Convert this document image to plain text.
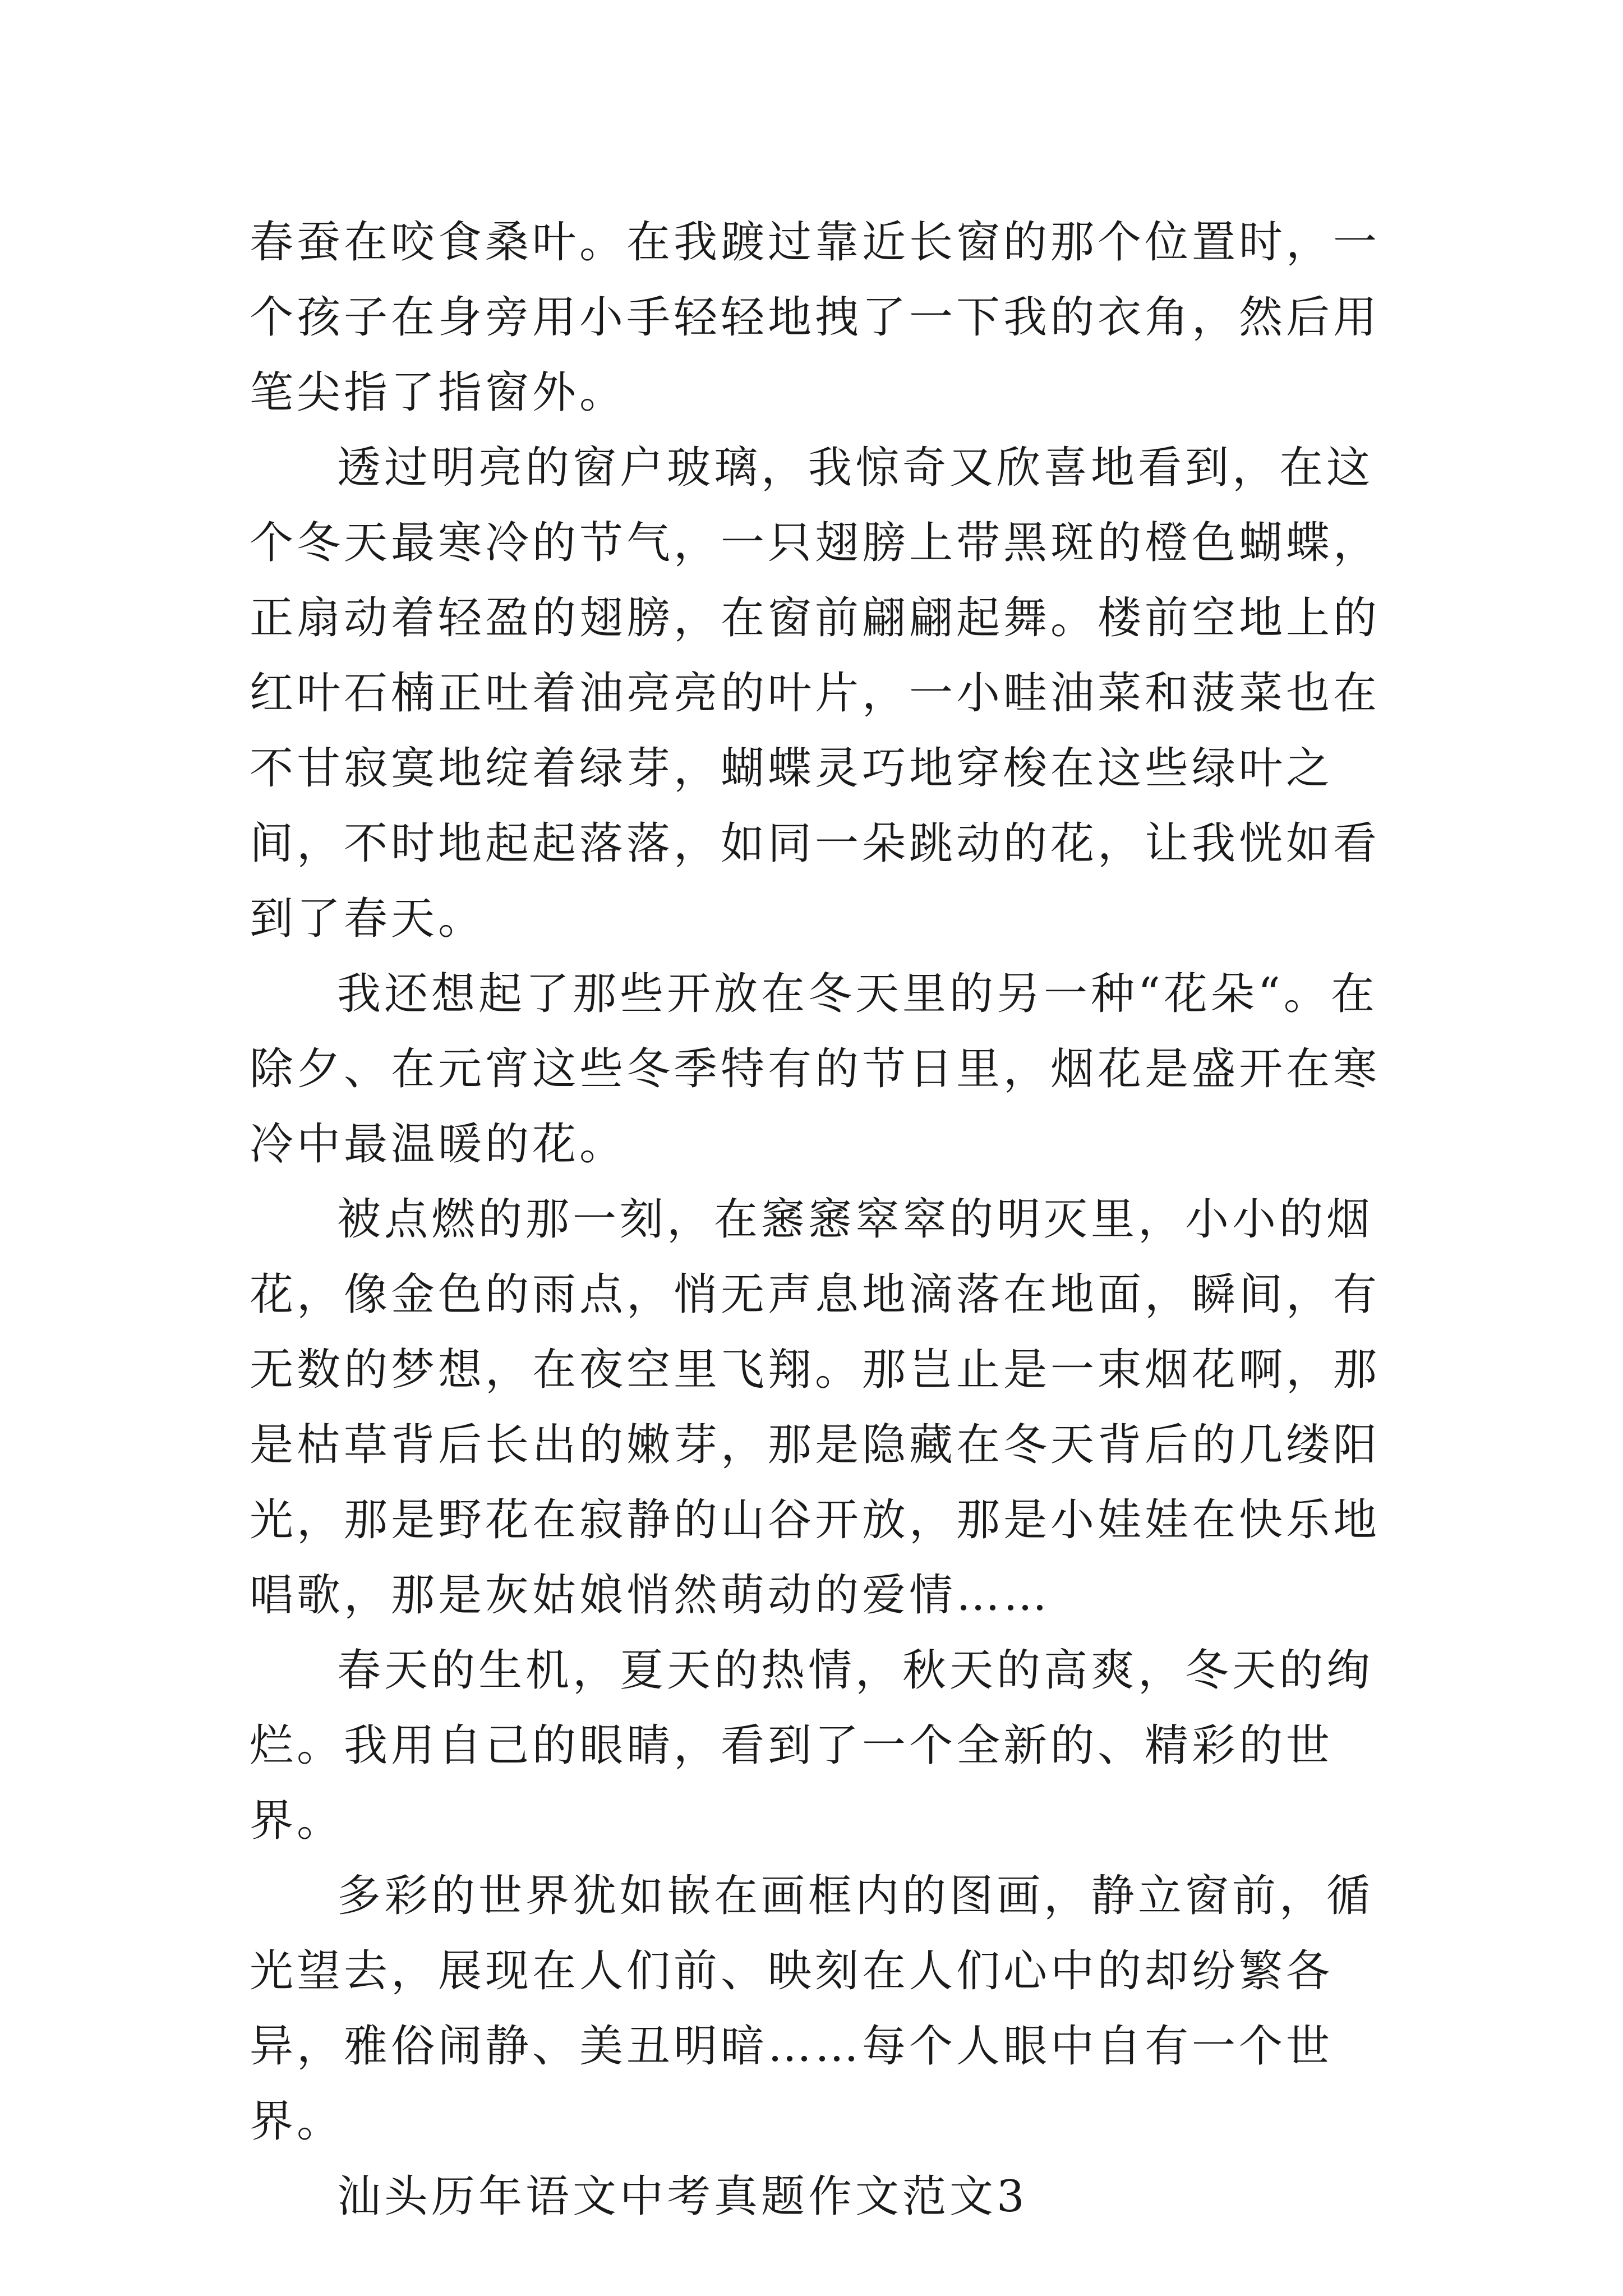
春蚕在咬食桑叶。在我踱过靠近长窗的那个位置时，一个孩子在身旁用小手轻轻地拽了一下我的衣角，然后用笔尖指了指窗外。

透过明亮的窗户玻璃，我惊奇又欣喜地看到，在这个冬天最寒冷的节气，一只翅膀上带黑斑的橙色蝴蝶，正扇动着轻盈的翅膀，在窗前翩翩起舞。楼前空地上的红叶石楠正吐着油亮亮的叶片，一小畦油菜和菠菜也在不甘寂寞地绽着绿芽，蝴蝶灵巧地穿梭在这些绿叶之间，不时地起起落落，如同一朵跳动的花，让我恍如看到了春天。

我还想起了那些开放在冬天里的另一种“花朵“。在除夕、在元宵这些冬季特有的节日里，烟花是盛开在寒冷中最温暖的花。

被点燃的那一刻，在窸窸窣窣的明灭里，小小的烟花，像金色的雨点，悄无声息地滴落在地面，瞬间，有无数的梦想，在夜空里飞翔。那岂止是一束烟花啊，那是枯草背后长出的嫩芽，那是隐藏在冬天背后的几缕阳光，那是野花在寂静的山谷开放，那是小娃娃在快乐地唱歌，那是灰姑娘悄然萌动的爱情……

春天的生机，夏天的热情，秋天的高爽，冬天的绚烂。我用自己的眼睛，看到了一个全新的、精彩的世界。

多彩的世界犹如嵌在画框内的图画，静立窗前，循光望去，展现在人们前、映刻在人们心中的却纷繁各异，雅俗闹静、美丑明暗……每个人眼中自有一个世界。

汕头历年语文中考真题作文范文3
